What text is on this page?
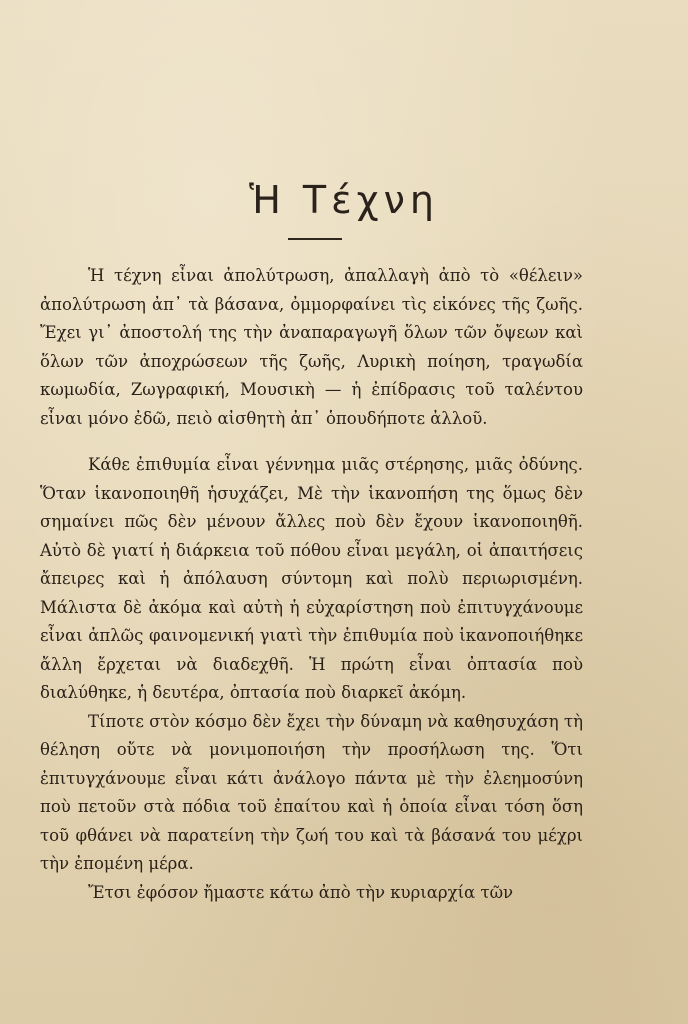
Ἡ Τέχνη

Ἡ τέχνη εἶναι ἀπολύτρωση, ἀπαλλαγὴ ἀπὸ τὸ «θέλειν» ἀπολύτρωση ἀπ᾿ τὰ βάσανα, ὀμμορφαίνει τὶς εἰκόνες τῆς ζωῆς. Ἔχει γι᾿ ἀποστολή της τὴν ἀναπαραγωγῆ ὅλων τῶν ὄψεων καὶ ὅλων τῶν ἀποχρώσεων τῆς ζωῆς, Λυρικὴ ποίηση, τραγωδία κωμωδία, Ζωγραφική, Μουσικὴ — ἡ ἐπίδρασις τοῦ ταλέντου εἶναι μόνο ἐδῶ, πειὸ αἰσθητὴ ἀπ᾿ ὁπουδήποτε ἀλλοῦ.

Κάθε ἐπιθυμία εἶναι γέννημα μιᾶς στέρησης, μιᾶς ὀδύνης. Ὅταν ἱκανοποιηθῆ ἡσυχάζει, Μὲ τὴν ἱκανοπήση της ὅμως δὲν σημαίνει πῶς δὲν μένουν ἄλλες ποὺ δὲν ἔχουν ἱκανοποιηθῆ. Αὐτὸ δὲ γιατί ἡ διάρκεια τοῦ πόθου εἶναι μεγάλη, οἱ ἀπαιτήσεις ἄπειρες καὶ ἡ ἀπόλαυση σύντομη καὶ πολὺ περιωρισμένη. Μάλιστα δὲ ἀκόμα καὶ αὐτὴ ἡ εὐχαρίστηση ποὺ ἐπιτυγχάνουμε εἶναι ἁπλῶς φαινομενική γιατὶ τὴν ἐπιθυμία ποὺ ἱκανοποιήθηκε ἄλλη ἔρχεται νὰ διαδεχθῆ. Ἡ πρώτη εἶναι ὀπτασία ποὺ διαλύθηκε, ἡ δευτέρα, ὀπτασία ποὺ διαρκεῖ ἀκόμη.

Τίποτε στὸν κόσμο δὲν ἔχει τὴν δύναμη νὰ καθησυχάση τὴ θέληση οὔτε νὰ μονιμοποιήση τὴν προσήλωση της. Ὅτι ἐπιτυγχάνουμε εἶναι κάτι ἀνάλογο πάντα μὲ τὴν ἐλεημοσύνη ποὺ πετοῦν στὰ πόδια τοῦ ἐπαίτου καὶ ἡ ὁποία εἶναι τόση ὅση τοῦ φθάνει νὰ παρατείνη τὴν ζωή του καὶ τὰ βάσανά του μέχρι τὴν ἐπομένη μέρα.

Ἔτσι ἐφόσον ἤμαστε κάτω ἀπὸ τὴν κυριαρχία τῶν
